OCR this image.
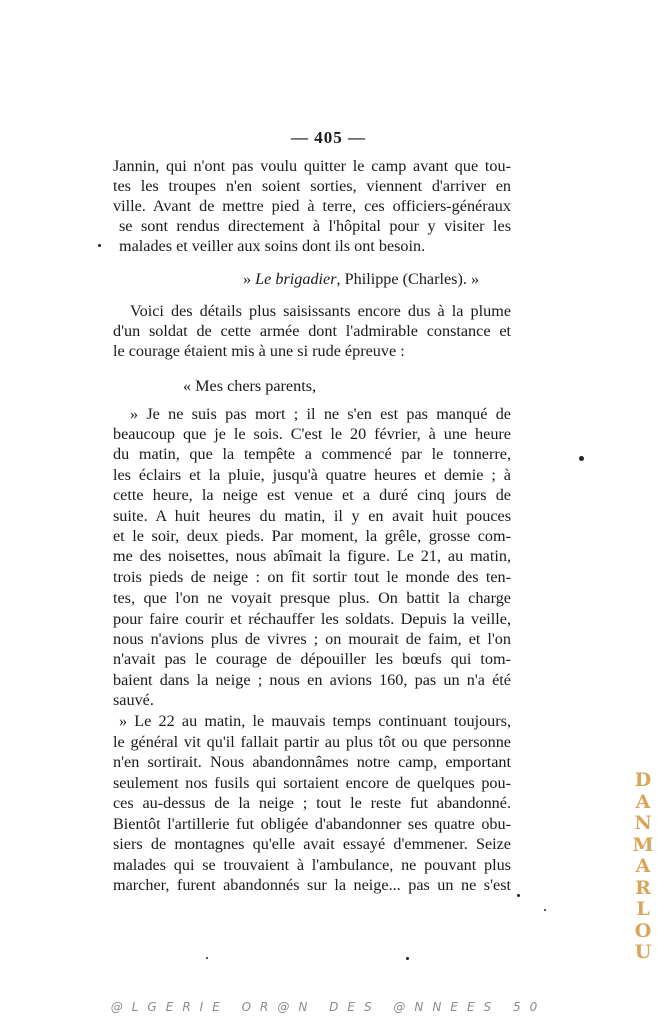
— 405 —
Jannin, qui n'ont pas voulu quitter le camp avant que tou-
tes les troupes n'en soient sorties, viennent d'arriver en
ville. Avant de mettre pied à terre, ces officiers-généraux
se sont rendus directement à l'hôpital pour y visiter les
malades et veiller aux soins dont ils ont besoin.
» Le brigadier, Philippe (Charles). »
Voici des détails plus saisissants encore dus à la plume
d'un soldat de cette armée dont l'admirable constance et
le courage étaient mis à une si rude épreuve :
« Mes chers parents,
» Je ne suis pas mort ; il ne s'en est pas manqué de
beaucoup que je le sois. C'est le 20 février, à une heure
du matin, que la tempête a commencé par le tonnerre,
les éclairs et la pluie, jusqu'à quatre heures et demie ; à
cette heure, la neige est venue et a duré cinq jours de
suite. A huit heures du matin, il y en avait huit pouces
et le soir, deux pieds. Par moment, la grêle, grosse com-
me des noisettes, nous abîmait la figure. Le 21, au matin,
trois pieds de neige : on fit sortir tout le monde des ten-
tes, que l'on ne voyait presque plus. On battit la charge
pour faire courir et réchauffer les soldats. Depuis la veille,
nous n'avions plus de vivres ; on mourait de faim, et l'on
n'avait pas le courage de dépouiller les bœufs qui tom-
baient dans la neige ; nous en avions 160, pas un n'a été
sauvé.
» Le 22 au matin, le mauvais temps continuant toujours,
le général vit qu'il fallait partir au plus tôt ou que personne
n'en sortirait. Nous abandonnâmes notre camp, emportant
seulement nos fusils qui sortaient encore de quelques pou-
ces au-dessus de la neige ; tout le reste fut abandonné.
Bientôt l'artillerie fut obligée d'abandonner ses quatre obu-
siers de montagnes qu'elle avait essayé d'emmener. Seize
malades qui se trouvaient à l'ambulance, ne pouvant plus
marcher, furent abandonnés sur la neige... pas un ne s'est
D
A
N
M
A
R
L
O
U
@LGERIE OR@N DES @NNEES 50
